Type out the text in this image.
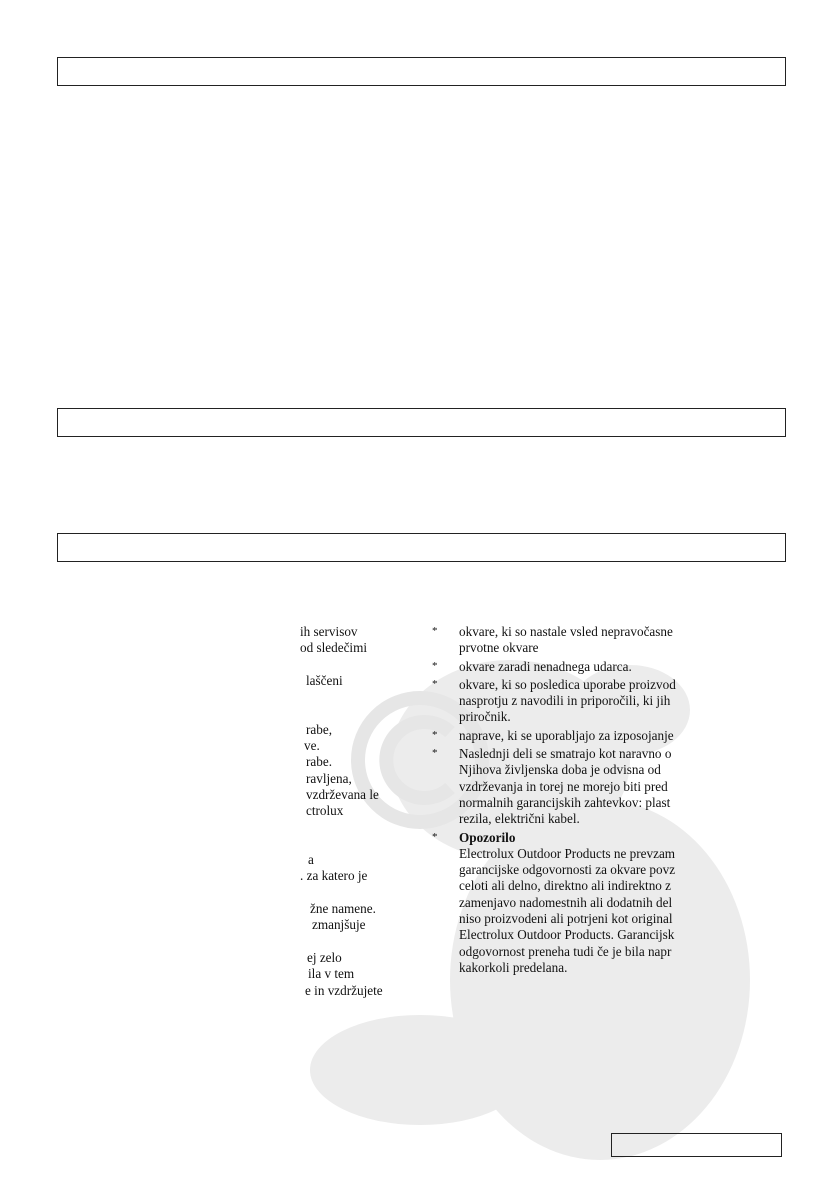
ih servisov
od sledečimi
laščeni
rabe,
ve.
rabe.
ravljena,
vzdrževana le
ctrolux
a
. za katero je
žne namene.
zmanjšuje
ej zelo
ila v tem
e in vzdržujete
* okvare, ki so nastale vsled nepravočasne
prvotne okvare
* okvare zaradi nenadnega udarca.
* okvare, ki so posledica uporabe proizvod
nasprotju z navodili in priporočili, ki jih
priročnik.
* naprave, ki se uporabljajo za izposojanje
* Naslednji deli se smatrajo kot naravno o
Njihova življenska doba je odvisna od
vzdrževanja in torej ne morejo biti pred
normalnih garancijskih zahtevkov: plast
rezila, električni kabel.
* Opozorilo
Electrolux Outdoor Products ne prevzam
garancijske odgovornosti za okvare povz
celoti ali delno, direktno ali indirektno z
zamenjavo nadomestnih ali dodatnih del
niso proizvodeni ali potrjeni kot original
Electrolux Outdoor Products. Garancijsk
odgovornost preneha tudi če je bila napr
kakorkoli predelana.
